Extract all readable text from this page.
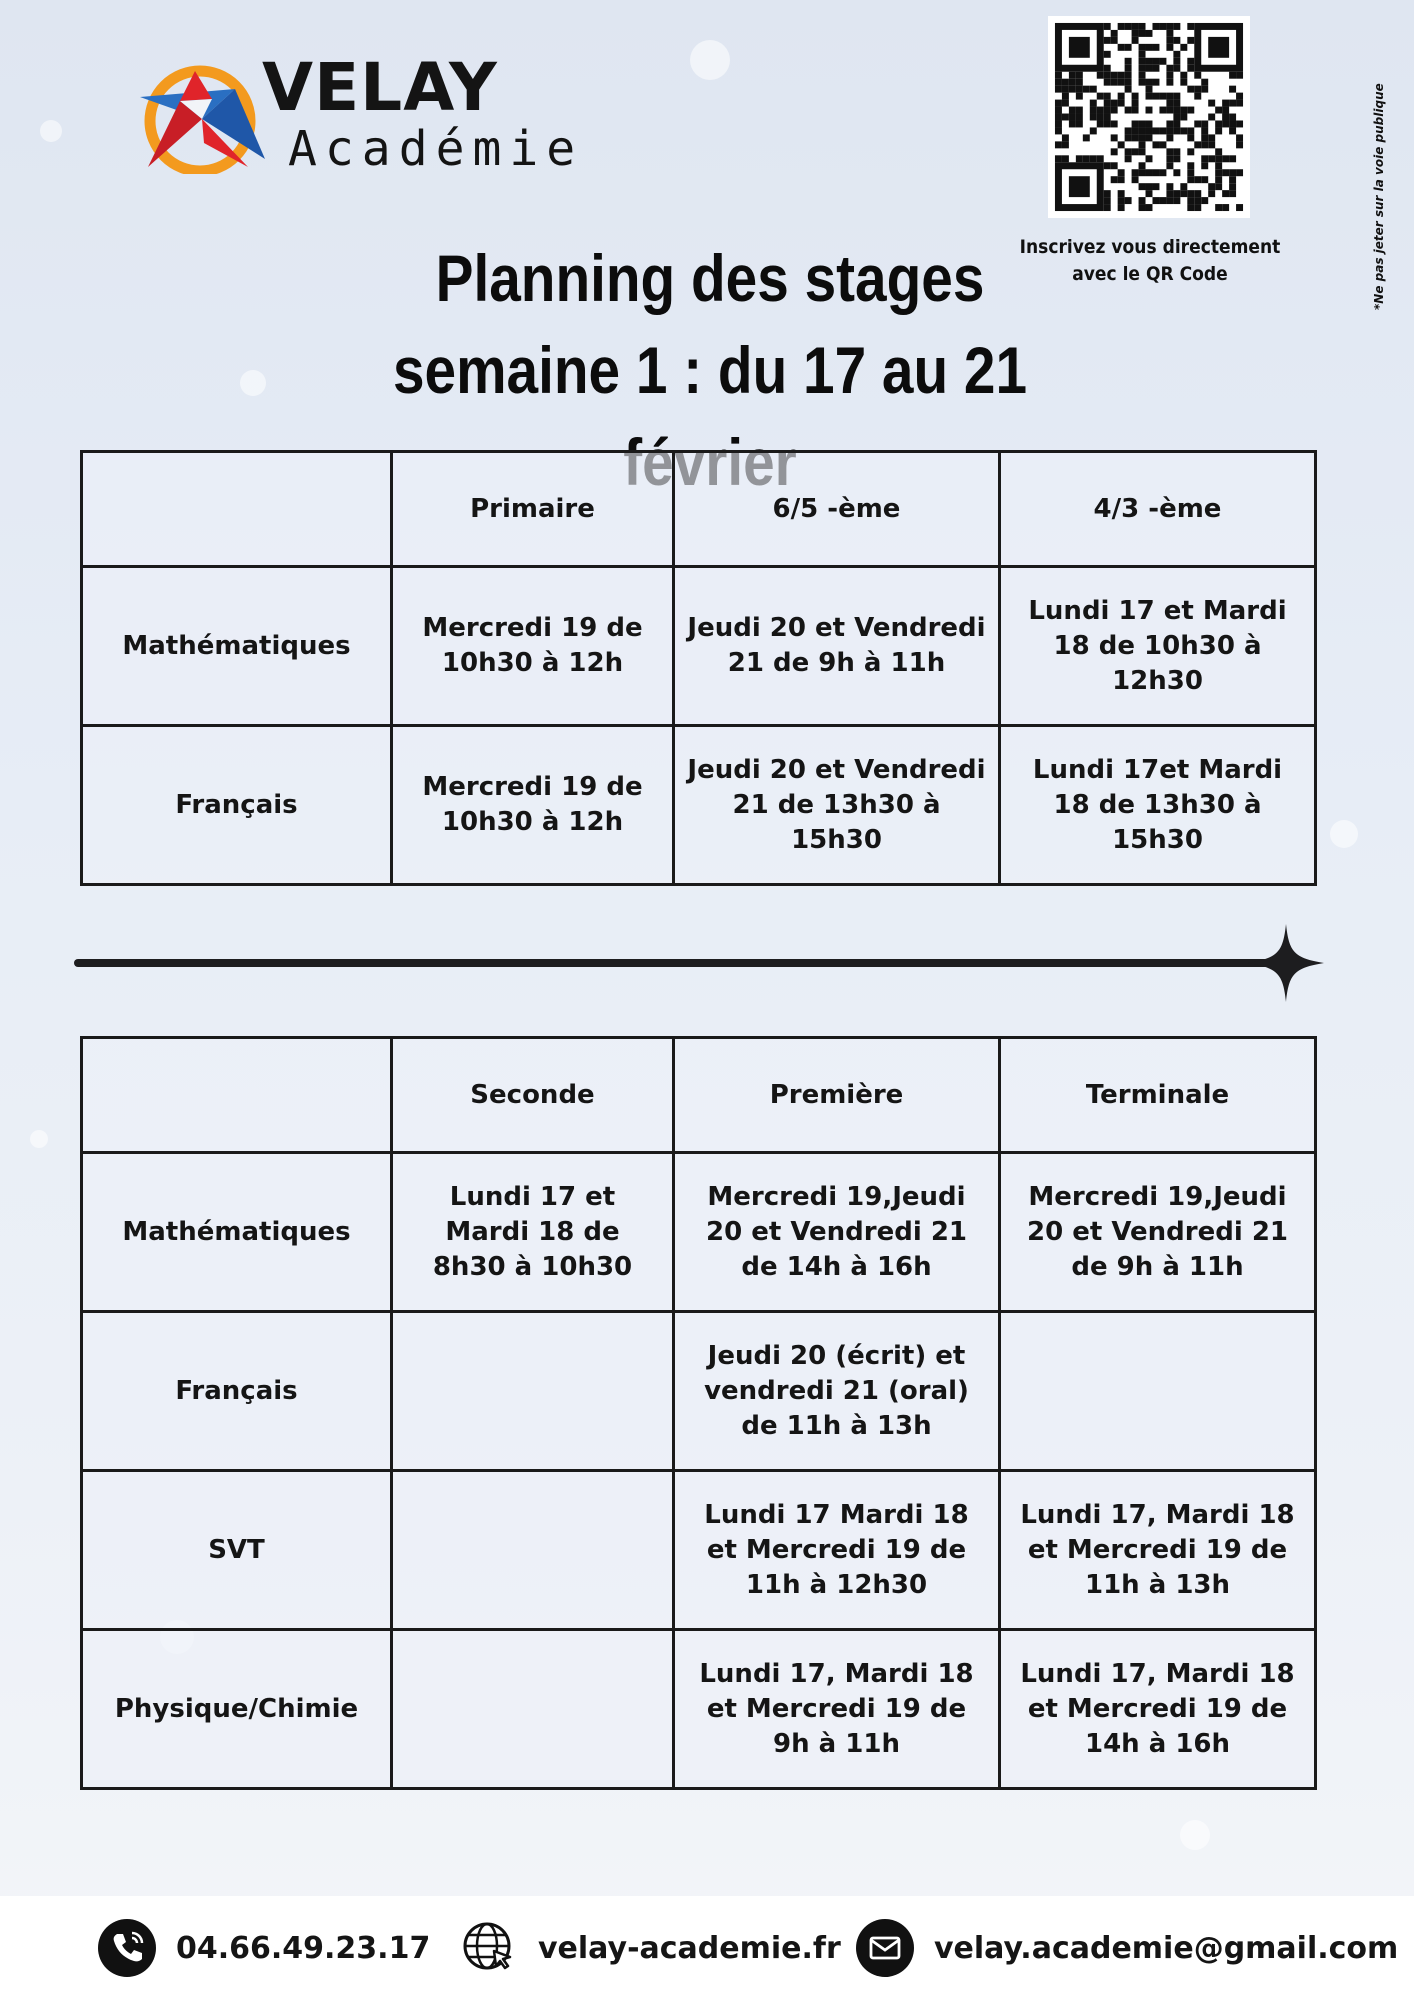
VELAY
Académie
Inscrivez vous directement
avec le QR Code	*Ne pas jeter sur la voie publique
Planning des stages
semaine 1 : du 17 au 21
	Primaire	6/5 -ème	4/3 -ème
Mathématiques	Mercredi 19 de 10h30 à 12h	Jeudi 20 et Vendredi 21 de 9h à 11h	Lundi 17 et Mardi 18 de 10h30 à 12h30
Français	Mercredi 19 de 10h30 à 12h	Jeudi 20 et Vendredi 21 de 13h30 à 15h30	Lundi 17et Mardi 18 de 13h30 à 15h30
	Seconde	Première	Terminale
Mathématiques	Lundi 17 et Mardi 18 de 8h30 à 10h30	Mercredi 19,Jeudi 20 et Vendredi 21 de 14h à 16h	Mercredi 19,Jeudi 20 et Vendredi 21 de 9h à 11h
Français		Jeudi 20 (écrit) et vendredi 21 (oral) de 11h à 13h	
SVT		Lundi 17 Mardi 18 et Mercredi 19 de 11h à 12h30	Lundi 17, Mardi 18 et Mercredi 19 de 11h à 13h
Physique/Chimie		Lundi 17, Mardi 18 et Mercredi 19 de 9h à 11h	Lundi 17, Mardi 18 et Mercredi 19 de 14h à 16h
04.66.49.23.17	velay-academie.fr	velay.academie@gmail.com
